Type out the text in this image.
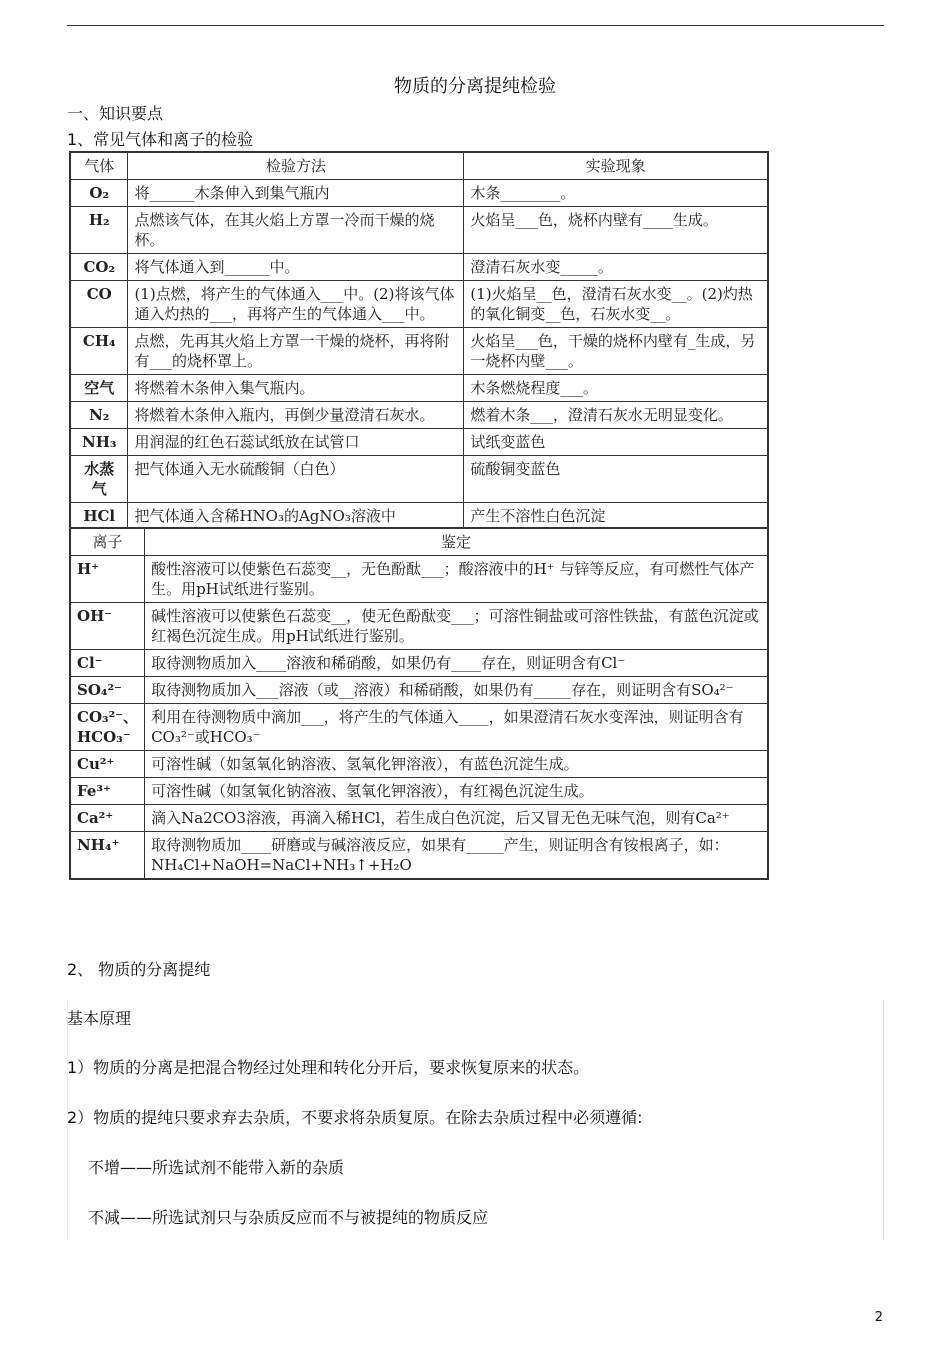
物质的分离提纯检验
一、知识要点
1、常见气体和离子的检验
气体	检验方法	实验现象
O₂	将______木条伸入到集气瓶内	木条________。
H₂	点燃该气体，在其火焰上方罩一冷而干燥的烧杯。	火焰呈___色，烧杯内壁有____生成。
CO₂	将气体通入到______中。	澄清石灰水变_____。
CO	(1)点燃，将产生的气体通入___中。(2)将该气体通入灼热的___，再将产生的气体通入___中。	(1)火焰呈__色，澄清石灰水变__。(2)灼热的氧化铜变__色，石灰水变__。
CH₄	点燃，先再其火焰上方罩一干燥的烧杯，再将附有___的烧杯罩上。	火焰呈___色，干燥的烧杯内壁有_生成，另一烧杯内壁___。
空气	将燃着木条伸入集气瓶内。	木条燃烧程度___。
N₂	将燃着木条伸入瓶内，再倒少量澄清石灰水。	燃着木条___，澄清石灰水无明显变化。
NH₃	用润湿的红色石蕊试纸放在试管口	试纸变蓝色
水蒸气	把气体通入无水硫酸铜（白色）	硫酸铜变蓝色
HCl	把气体通入含稀HNO₃的AgNO₃溶液中	产生不溶性白色沉淀
离子	鉴定
H⁺	酸性溶液可以使紫色石蕊变__，无色酚酞___；酸溶液中的H⁺ 与锌等反应，有可燃性气体产生。用pH试纸进行鉴别。
OH⁻	碱性溶液可以使紫色石蕊变__，使无色酚酞变___；可溶性铜盐或可溶性铁盐，有蓝色沉淀或红褐色沉淀生成。用pH试纸进行鉴别。
Cl⁻	取待测物质加入____溶液和稀硝酸，如果仍有____存在，则证明含有Cl⁻
SO₄²⁻	取待测物质加入___溶液（或__溶液）和稀硝酸，如果仍有_____存在，则证明含有SO₄²⁻
CO₃²⁻、HCO₃⁻	利用在待测物质中滴加___，将产生的气体通入____，如果澄清石灰水变浑浊，则证明含有CO₃²⁻或HCO₃⁻
Cu²⁺	可溶性碱（如氢氧化钠溶液、氢氧化钾溶液），有蓝色沉淀生成。
Fe³⁺	可溶性碱（如氢氧化钠溶液、氢氧化钾溶液），有红褐色沉淀生成。
Ca²⁺	滴入Na2CO3溶液，再滴入稀HCl，若生成白色沉淀，后又冒无色无味气泡，则有Ca²⁺
NH₄⁺	取待测物质加____研磨或与碱溶液反应，如果有_____产生，则证明含有铵根离子，如：NH₄Cl+NaOH=NaCl+NH₃↑+H₂O
2、 物质的分离提纯
基本原理
1）物质的分离是把混合物经过处理和转化分开后，要求恢复原来的状态。
2）物质的提纯只要求弃去杂质，不要求将杂质复原。在除去杂质过程中必须遵循:
不增——所选试剂不能带入新的杂质
不减——所选试剂只与杂质反应而不与被提纯的物质反应
2
